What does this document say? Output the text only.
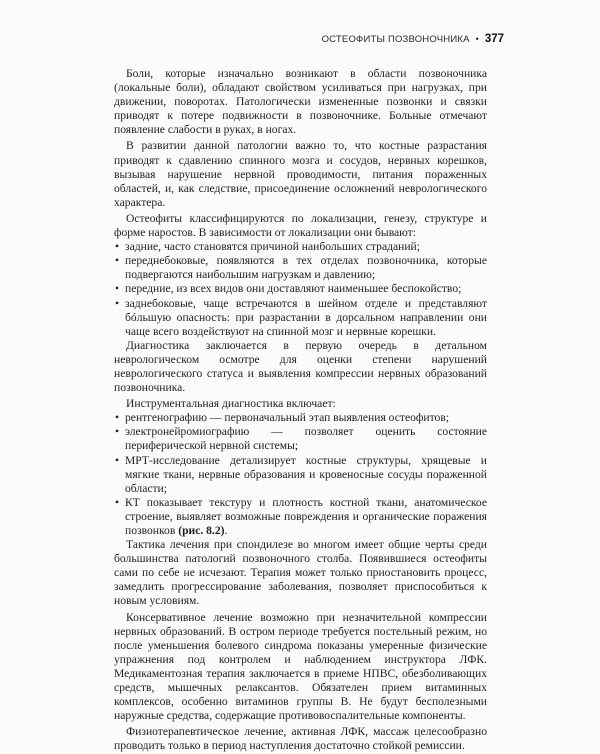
ОСТЕОФИТЫ ПОЗВОНОЧНИКА • 377

Боли, которые изначально возникают в области позвоночника (локальные боли), обладают свойством усиливаться при нагрузках, при движении, поворотах. Патологически измененные позвонки и связки приводят к потере подвижности в позвоночнике. Больные отмечают появление слабости в руках, в ногах.

В развитии данной патологии важно то, что костные разрастания приводят к сдавлению спинного мозга и сосудов, нервных корешков, вызывая нарушение нервной проводимости, питания пораженных областей, и, как следствие, присоединение осложнений неврологического характера.

Остеофиты классифицируются по локализации, генезу, структуре и форме наростов. В зависимости от локализации они бывают:

• задние, часто становятся причиной наибольших страданий;
• переднебоковые, появляются в тех отделах позвоночника, которые подвергаются наибольшим нагрузкам и давлению;
• передние, из всех видов они доставляют наименьшее беспокойство;
• заднебоковые, чаще встречаются в шейном отделе и представляют бóльшую опасность: при разрастании в дорсальном направлении они чаще всего воздействуют на спинной мозг и нервные корешки.

Диагностика заключается в первую очередь в детальном неврологическом осмотре для оценки степени нарушений неврологического статуса и выявления компрессии нервных образований позвоночника.

Инструментальная диагностика включает:

• рентгенографию — первоначальный этап выявления остеофитов;
• электронейромиографию — позволяет оценить состояние периферической нервной системы;
• МРТ-исследование детализирует костные структуры, хрящевые и мягкие ткани, нервные образования и кровеносные сосуды пораженной области;
• КТ показывает текстуру и плотность костной ткани, анатомическое строение, выявляет возможные повреждения и органические поражения позвонков (рис. 8.2).

Тактика лечения при спондилезе во многом имеет общие черты среди большинства патологий позвоночного столба. Появившиеся остеофиты сами по себе не исчезают. Терапия может только приостановить процесс, замедлить прогрессирование заболевания, позволяет приспособиться к новым условиям.

Консервативное лечение возможно при незначительной компрессии нервных образований. В остром периоде требуется постельный режим, но после уменьшения болевого синдрома показаны умеренные физические упражнения под контролем и наблюдением инструктора ЛФК. Медикаментозная терапия заключается в приеме НПВС, обезболивающих средств, мышечных релаксантов. Обязателен прием витаминных комплексов, особенно витаминов группы В. Не будут бесполезными наружные средства, содержащие противовоспалительные компоненты.

Физиотерапевтическое лечение, активная ЛФК, массаж целесообразно проводить только в период наступления достаточно стойкой ремиссии.
